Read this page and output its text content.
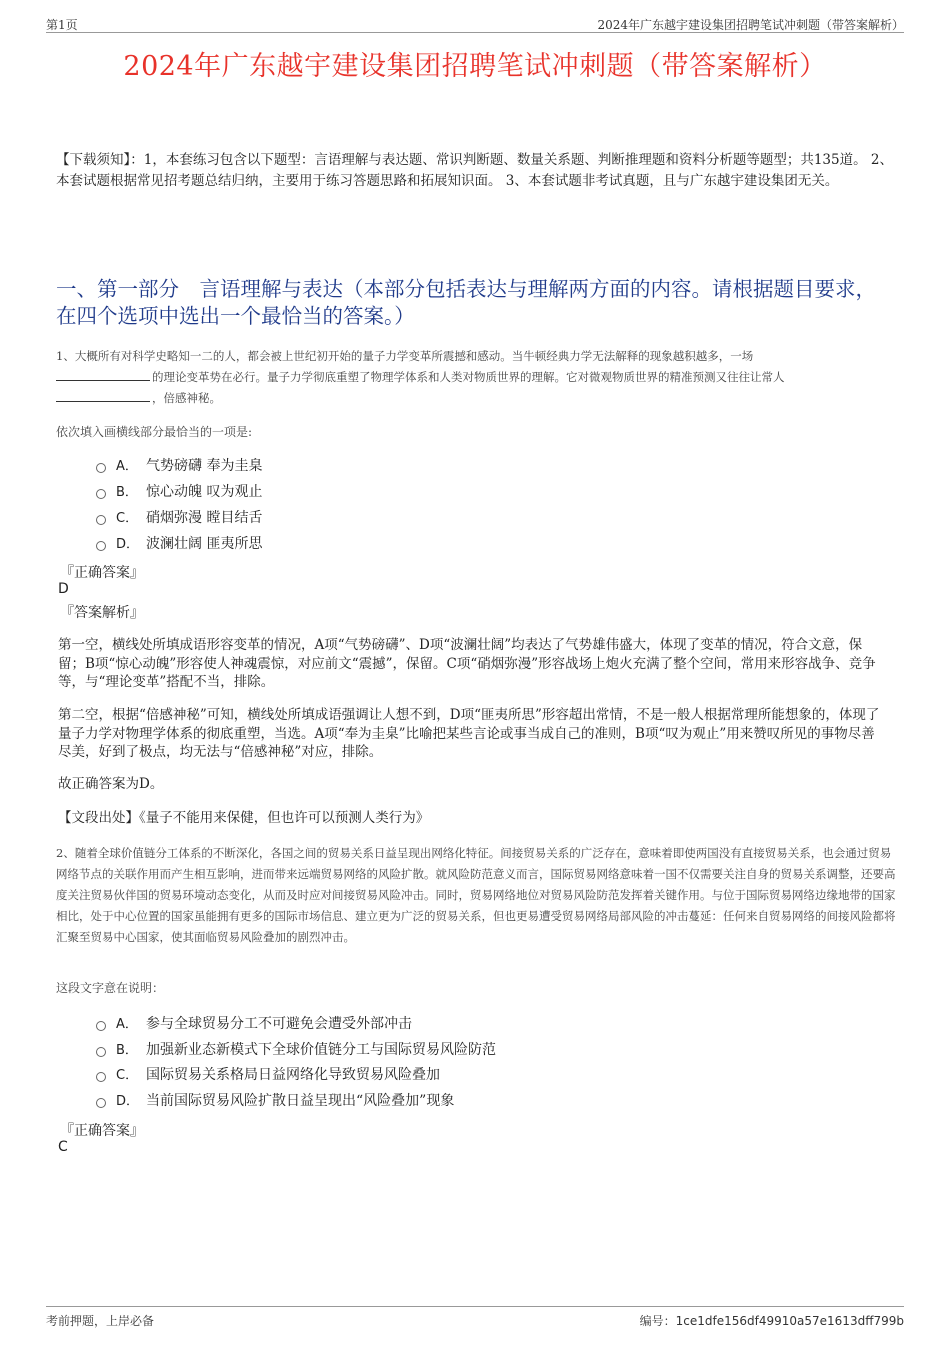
第1页	2024年广东越宇建设集团招聘笔试冲刺题（带答案解析）
2024年广东越宇建设集团招聘笔试冲刺题（带答案解析）
【下载须知】：1，本套练习包含以下题型：言语理解与表达题、常识判断题、数量关系题、判断推理题和资料分析题等题型；共135道。 2、本套试题根据常见招考题总结归纳，主要用于练习答题思路和拓展知识面。 3、本套试题非考试真题，且与广东越宇建设集团无关。
一、第一部分　言语理解与表达（本部分包括表达与理解两方面的内容。请根据题目要求，在四个选项中选出一个最恰当的答案。）
1、大概所有对科学史略知一二的人，都会被上世纪初开始的量子力学变革所震撼和感动。当牛顿经典力学无法解释的现象越积越多，一场
的理论变革势在必行。量子力学彻底重塑了物理学体系和人类对物质世界的理解。它对微观物质世界的精准预测又往往让常人
，倍感神秘。
依次填入画横线部分最恰当的一项是:
A． 气势磅礴 奉为圭臬
B． 惊心动魄 叹为观止
C． 硝烟弥漫 瞠目结舌
D． 波澜壮阔 匪夷所思
『正确答案』
D
『答案解析』
第一空，横线处所填成语形容变革的情况，A项“气势磅礴”、D项“波澜壮阔”均表达了气势雄伟盛大，体现了变革的情况，符合文意，保留；B项“惊心动魄”形容使人神魂震惊，对应前文“震撼”，保留。C项“硝烟弥漫”形容战场上炮火充满了整个空间，常用来形容战争、竞争等，与“理论变革”搭配不当，排除。
第二空，根据“倍感神秘”可知，横线处所填成语强调让人想不到，D项“匪夷所思”形容超出常情，不是一般人根据常理所能想象的，体现了量子力学对物理学体系的彻底重塑，当选。A项“奉为圭臬”比喻把某些言论或事当成自己的准则，B项“叹为观止”用来赞叹所见的事物尽善尽美，好到了极点，均无法与“倍感神秘”对应，排除。
故正确答案为D。
【文段出处】《量子不能用来保健，但也许可以预测人类行为》
2、随着全球价值链分工体系的不断深化，各国之间的贸易关系日益呈现出网络化特征。间接贸易关系的广泛存在，意味着即使两国没有直接贸易关系，也会通过贸易网络节点的关联作用而产生相互影响，进而带来远端贸易网络的风险扩散。就风险防范意义而言，国际贸易网络意味着一国不仅需要关注自身的贸易关系调整，还要高度关注贸易伙伴国的贸易环境动态变化，从而及时应对间接贸易风险冲击。同时，贸易网络地位对贸易风险防范发挥着关键作用。与位于国际贸易网络边缘地带的国家相比，处于中心位置的国家虽能拥有更多的国际市场信息、建立更为广泛的贸易关系，但也更易遭受贸易网络局部风险的冲击蔓延：任何来自贸易网络的间接风险都将汇聚至贸易中心国家，使其面临贸易风险叠加的剧烈冲击。
这段文字意在说明：
A． 参与全球贸易分工不可避免会遭受外部冲击
B． 加强新业态新模式下全球价值链分工与国际贸易风险防范
C． 国际贸易关系格局日益网络化导致贸易风险叠加
D． 当前国际贸易风险扩散日益呈现出“风险叠加”现象
『正确答案』
C
考前押题，上岸必备	编号：1ce1dfe156df49910a57e1613dff799b
